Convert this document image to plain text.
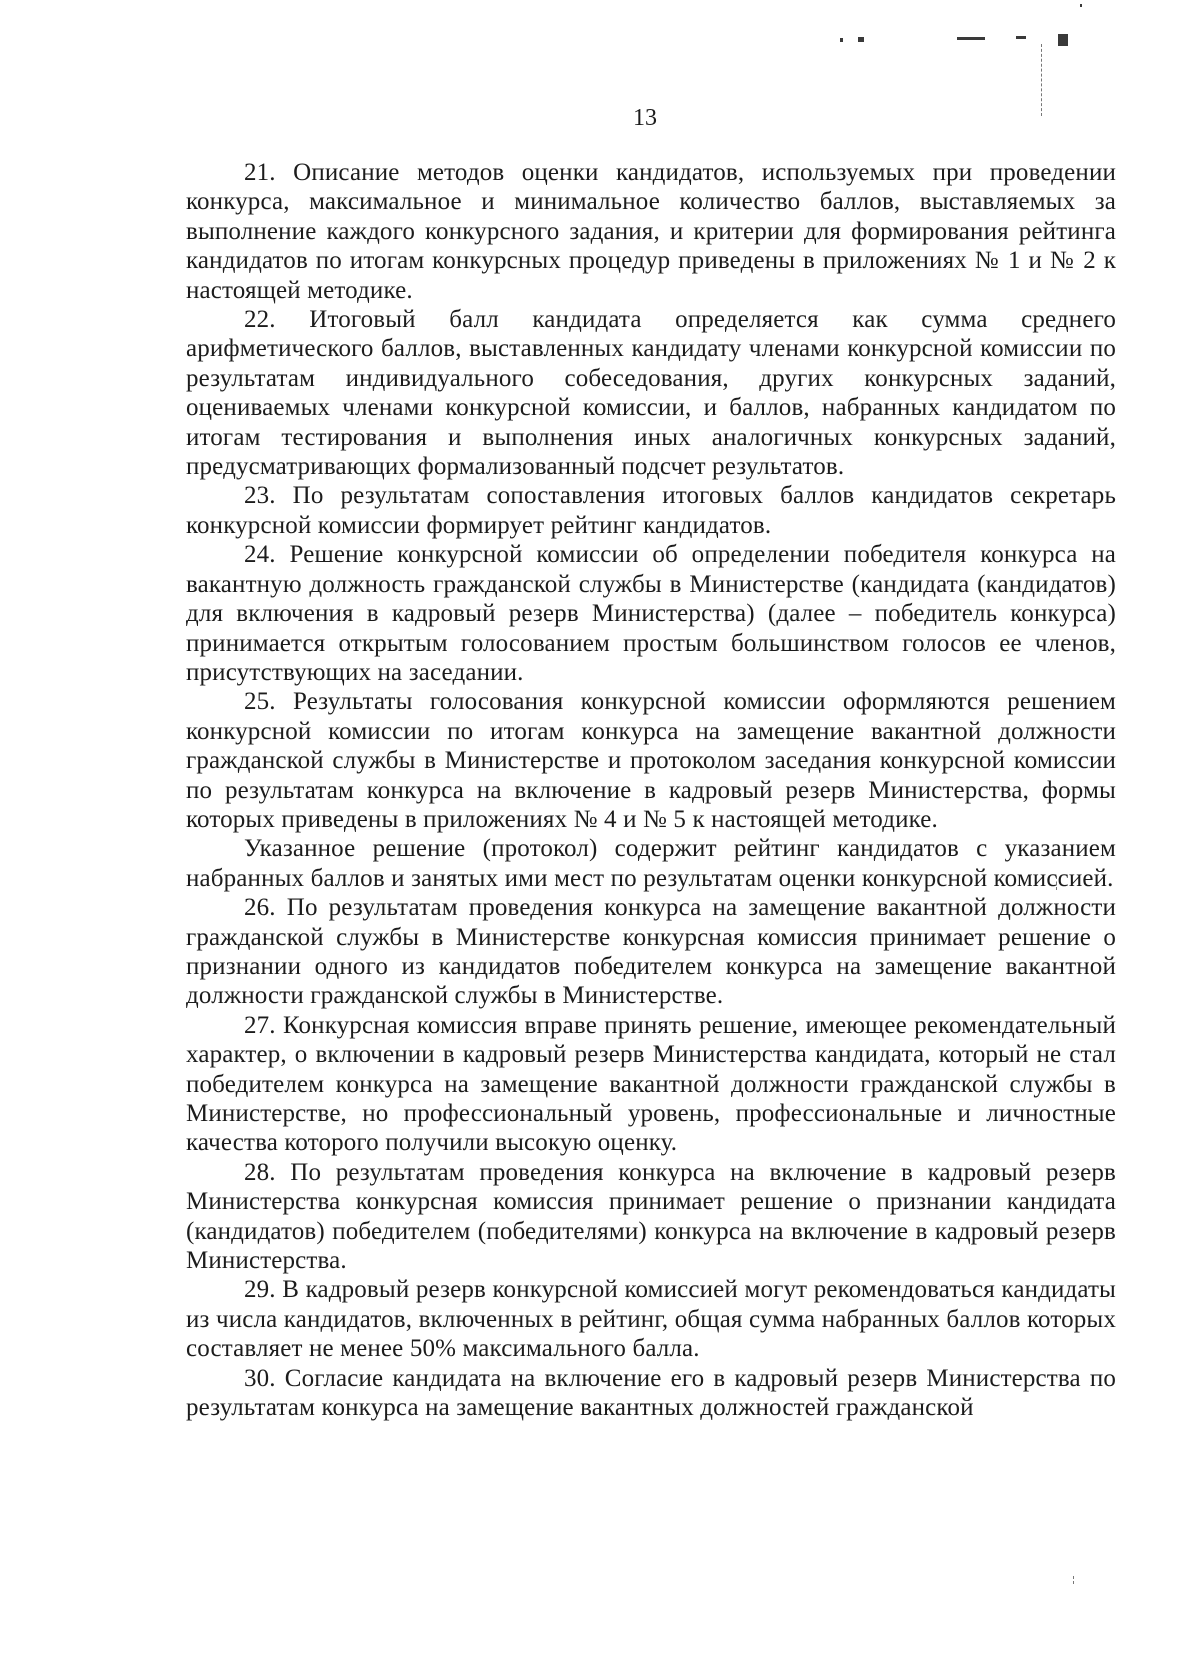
13

21. Описание методов оценки кандидатов, используемых при проведении конкурса, максимальное и минимальное количество баллов, выставляемых за выполнение каждого конкурсного задания, и критерии для формирования рейтинга кандидатов по итогам конкурсных процедур приведены в приложениях № 1 и № 2 к настоящей методике.

22. Итоговый балл кандидата определяется как сумма среднего арифметического баллов, выставленных кандидату членами конкурсной комиссии по результатам индивидуального собеседования, других конкурсных заданий, оцениваемых членами конкурсной комиссии, и баллов, набранных кандидатом по итогам тестирования и выполнения иных аналогичных конкурсных заданий, предусматривающих формализованный подсчет результатов.

23. По результатам сопоставления итоговых баллов кандидатов секретарь конкурсной комиссии формирует рейтинг кандидатов.

24. Решение конкурсной комиссии об определении победителя конкурса на вакантную должность гражданской службы в Министерстве (кандидата (кандидатов) для включения в кадровый резерв Министерства) (далее – победитель конкурса) принимается открытым голосованием простым большинством голосов ее членов, присутствующих на заседании.

25. Результаты голосования конкурсной комиссии оформляются решением конкурсной комиссии по итогам конкурса на замещение вакантной должности гражданской службы в Министерстве и протоколом заседания конкурсной комиссии по результатам конкурса на включение в кадровый резерв Министерства, формы которых приведены в приложениях № 4 и № 5 к настоящей методике.

Указанное решение (протокол) содержит рейтинг кандидатов с указанием набранных баллов и занятых ими мест по результатам оценки конкурсной комиссией.

26. По результатам проведения конкурса на замещение вакантной должности гражданской службы в Министерстве конкурсная комиссия принимает решение о признании одного из кандидатов победителем конкурса на замещение вакантной должности гражданской службы в Министерстве.

27. Конкурсная комиссия вправе принять решение, имеющее рекомендательный характер, о включении в кадровый резерв Министерства кандидата, который не стал победителем конкурса на замещение вакантной должности гражданской службы в Министерстве, но профессиональный уровень, профессиональные и личностные качества которого получили высокую оценку.

28. По результатам проведения конкурса на включение в кадровый резерв Министерства конкурсная комиссия принимает решение о признании кандидата (кандидатов) победителем (победителями) конкурса на включение в кадровый резерв Министерства.

29. В кадровый резерв конкурсной комиссией могут рекомендоваться кандидаты из числа кандидатов, включенных в рейтинг, общая сумма набранных баллов которых составляет не менее 50% максимального балла.

30. Согласие кандидата на включение его в кадровый резерв Министерства по результатам конкурса на замещение вакантных должностей гражданской
